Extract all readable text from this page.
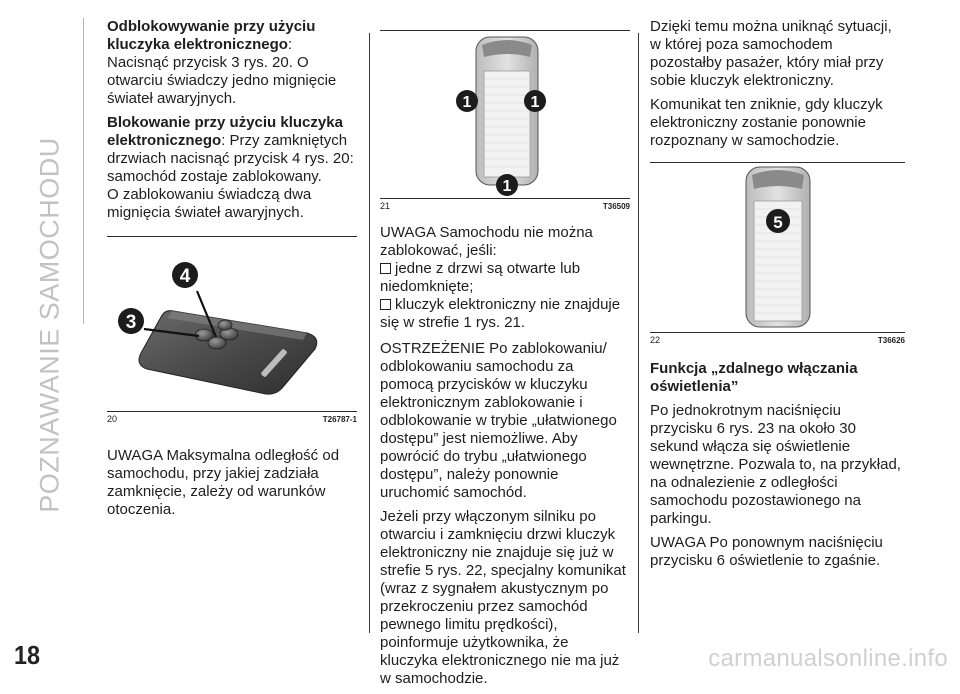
POZNAWANIE SAMOCHODU

Odblokowywanie przy użyciu kluczyka elektronicznego: Nacisnąć przycisk 3 rys. 20. O otwarciu świadczy jedno mignięcie świateł awaryjnych.

Blokowanie przy użyciu kluczyka elektronicznego: Przy zamkniętych drzwiach nacisnąć przycisk 4 rys. 20: samochód zostaje zablokowany.

O zablokowaniu świadczą dwa mignięcia świateł awaryjnych.

4
3
20	T26787-1

UWAGA Maksymalna odległość od samochodu, przy jakiej zadziała zamknięcie, zależy od warunków otoczenia.

1	1
1
21	T36509

UWAGA Samochodu nie można zablokować, jeśli:

jedne z drzwi są otwarte lub niedomknięte;

kluczyk elektroniczny nie znajduje się w strefie 1 rys. 21.

OSTRZEŻENIE Po zablokowaniu/ odblokowaniu samochodu za pomocą przycisków w kluczyku elektronicznym zablokowanie i odblokowanie w trybie „ułatwionego dostępu” jest niemożliwe. Aby powrócić do trybu „ułatwionego dostępu”, należy ponownie uruchomić samochód.

Jeżeli przy włączonym silniku po otwarciu i zamknięciu drzwi kluczyk elektroniczny nie znajduje się już w strefie 5 rys. 22, specjalny komunikat (wraz z sygnałem akustycznym po przekroczeniu przez samochód pewnego limitu prędkości), poinformuje użytkownika, że kluczyka elektronicznego nie ma już w samochodzie.

Dzięki temu można uniknąć sytuacji, w której poza samochodem pozostałby pasażer, który miał przy sobie kluczyk elektroniczny.

Komunikat ten zniknie, gdy kluczyk elektroniczny zostanie ponownie rozpoznany w samochodzie.

5
22	T36626
Funkcja „zdalnego włączania oświetlenia”

Po jednokrotnym naciśnięciu przycisku 6 rys. 23 na około 30 sekund włącza się oświetlenie wewnętrzne. Pozwala to, na przykład, na odnalezienie z odległości samochodu pozostawionego na parkingu.

UWAGA Po ponownym naciśnięciu przycisku 6 oświetlenie to zgaśnie.

18	carmanualsonline.info
